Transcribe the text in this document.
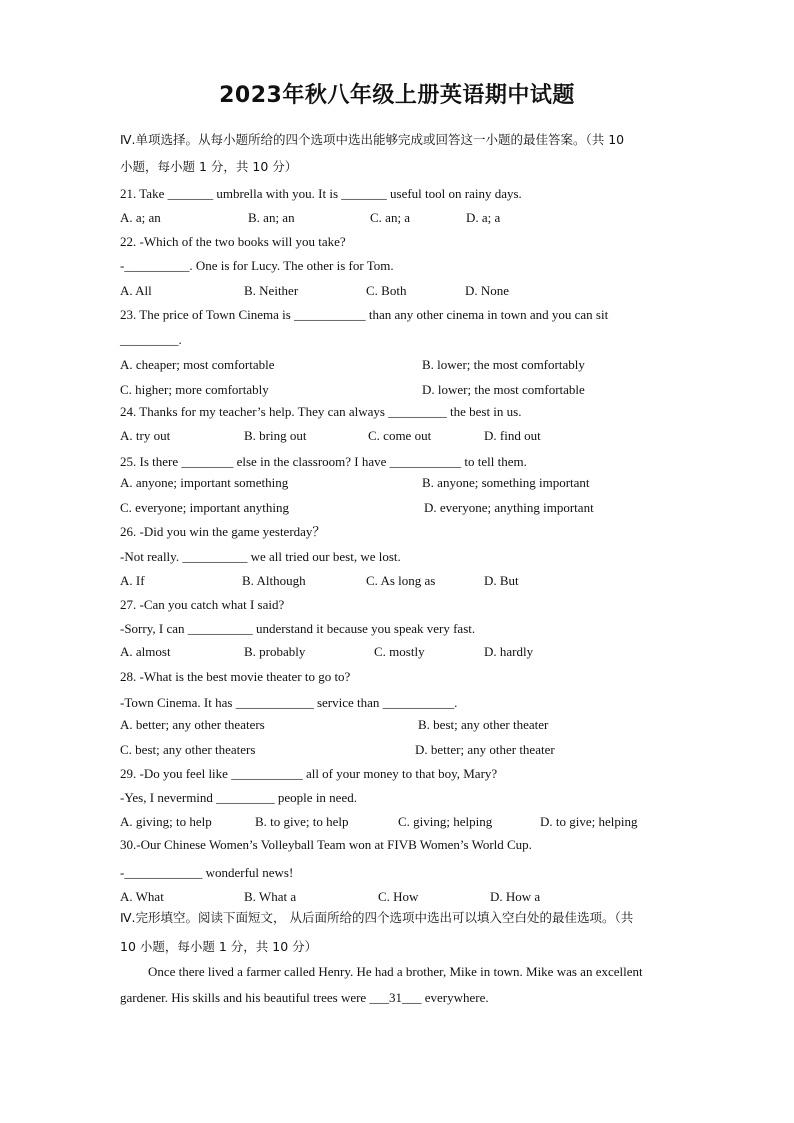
2023年秋八年级上册英语期中试题
Ⅳ.单项选择。从每小题所给的四个选项中选出能够完成或回答这一小题的最佳答案。（共 10
小题，每小题 1 分，共 10 分）
21. Take _______ umbrella with you. It is _______ useful tool on rainy days.
A. a; an	B. an; an	C. an; a	D. a; a
22. -Which of the two books will you take?
-__________. One is for Lucy. The other is for Tom.
A. All	B. Neither	C. Both	D. None
23. The price of Town Cinema is ___________ than any other cinema in town and you can sit
_________.
A. cheaper; most comfortable	B. lower; the most comfortably
C. higher; more comfortably	D. lower; the most comfortable
24. Thanks for my teacher’s help. They can always _________ the best in us.
A. try out	B. bring out	C. come out	D. find out
25. Is there ________ else in the classroom? I have ___________ to tell them.
A. anyone; important something	B. anyone; something important
C. everyone; important anything	D. everyone; anything important
26. -Did you win the game yesterday？
-Not really. __________ we all tried our best, we lost.
A. If	B. Although	C. As long as	D. But
27. -Can you catch what I said?
-Sorry, I can __________ understand it because you speak very fast.
A. almost	B. probably	C. mostly	D. hardly
28. -What is the best movie theater to go to?
-Town Cinema. It has ____________ service than ___________.
A. better; any other theaters	B. best; any other theater
C. best; any other theaters	D. better; any other theater
29. -Do you feel like ___________ all of your money to that boy, Mary?
-Yes, I nevermind _________ people in need.
A. giving; to help	B. to give; to help	C. giving; helping	D. to give; helping
30.-Our Chinese Women’s Volleyball Team won at FIVB Women’s World Cup.
-____________ wonderful news!
A. What	B. What a	C. How	D. How a
Ⅳ.完形填空。阅读下面短文， 从后面所给的四个选项中选出可以填入空白处的最佳选项。（共
10 小题，每小题 1 分，共 10 分）
Once there lived a farmer called Henry. He had a brother, Mike in town. Mike was an excellent gardener. His skills and his beautiful trees were ___31___ everywhere.
